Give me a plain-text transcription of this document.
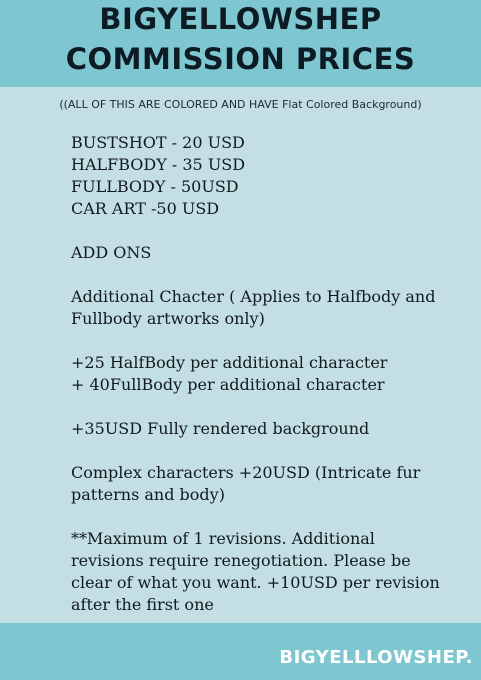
BIGYELLOWSHEP
COMMISSION PRICES
((ALL OF THIS ARE COLORED AND HAVE Flat Colored Background)
BUSTSHOT - 20 USD
HALFBODY - 35 USD
FULLBODY - 50USD
CAR ART -50 USD
ADD ONS
Additional Chacter ( Applies to Halfbody and
Fullbody artworks only)
+25 HalfBody per additional character
+ 40FullBody per additional character
+35USD Fully rendered background
Complex characters +20USD (Intricate fur
patterns and body)
**Maximum of 1 revisions. Additional
revisions require renegotiation. Please be
clear of what you want. +10USD per revision
after the first one
BIGYELLLOWSHEP.
